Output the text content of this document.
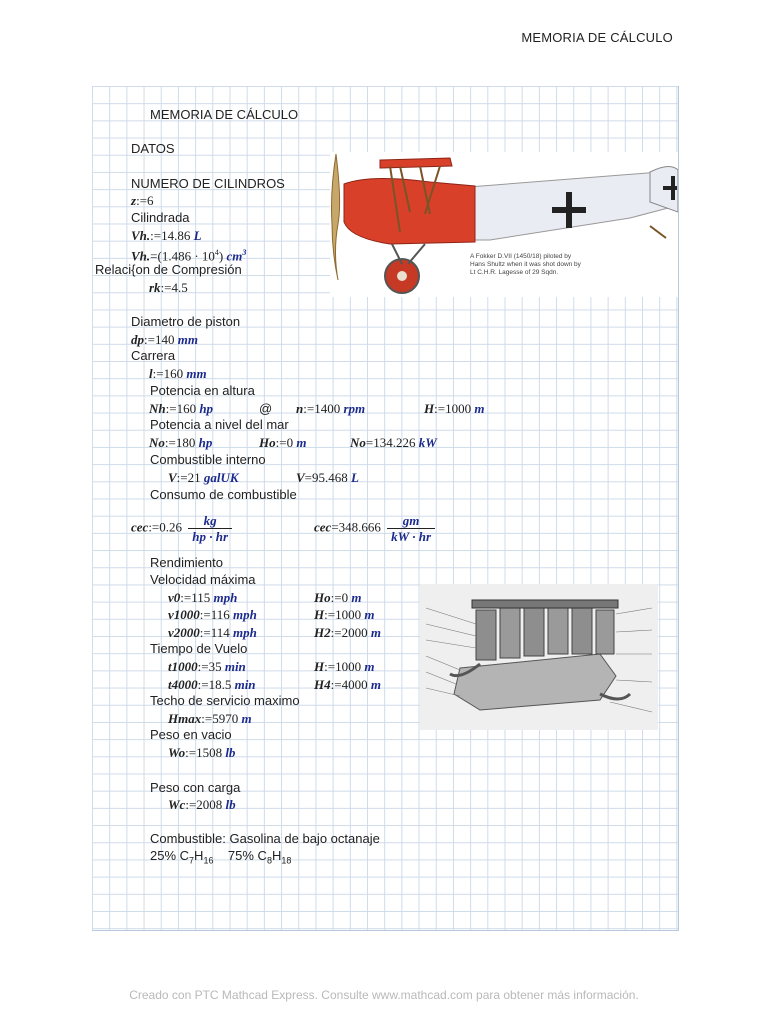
MEMORIA DE CÁLCULO
MEMORIA DE CÁLCULO
DATOS
NUMERO DE CILINDROS
z:=6
Cilindrada
Vh.:=14.86 L
$Vh.=(1.486 \cdot 10^4)$ $cm^3$
Relaci{on de Compresión
rk:=4.5
Diametro de piston
dp:=140 mm
Carrera
l:=160 mm
Potencia en altura
Nh:=160 hp	@ n:=1400 rpm	H:=1000 m
Potencia a nivel del mar
No:=180 hp	Ho:=0 m	No=134.226 kW
Combustible interno
V:=21 galUK	V=95.468 L
Consumo de combustible
cec:=0.26 $\frac{kg}{hp \cdot hr}$	$cec=348.666 \frac{gm}{kW \cdot hr}$
Rendimiento
Velocidad máxima
v0:=115 mph	Ho:=0 m
v1000:=116 mph	H:=1000 m
v2000:=114 mph	H2:=2000 m
Tiempo de Vuelo
t1000:=35 min	H:=1000 m
t4000:=18.5 min	H4:=4000 m
Techo de servicio maximo
Hmax:=5970 m
Peso en vacio
Wo:=1508 lb
Peso con carga
Wc:=2008 lb
Combustible: Gasolina de bajo octanaje
25% $C_7H_{16}$ 75% $C_8H_{18}$
A Fokker D.VII (1450/18) piloted by
Hans Shultz when it was shot down by
Lt C.H.R. Lagesse of 29 Sqdn.
Creado con PTC Mathcad Express. Consulte www.mathcad.com para obtener más información.
